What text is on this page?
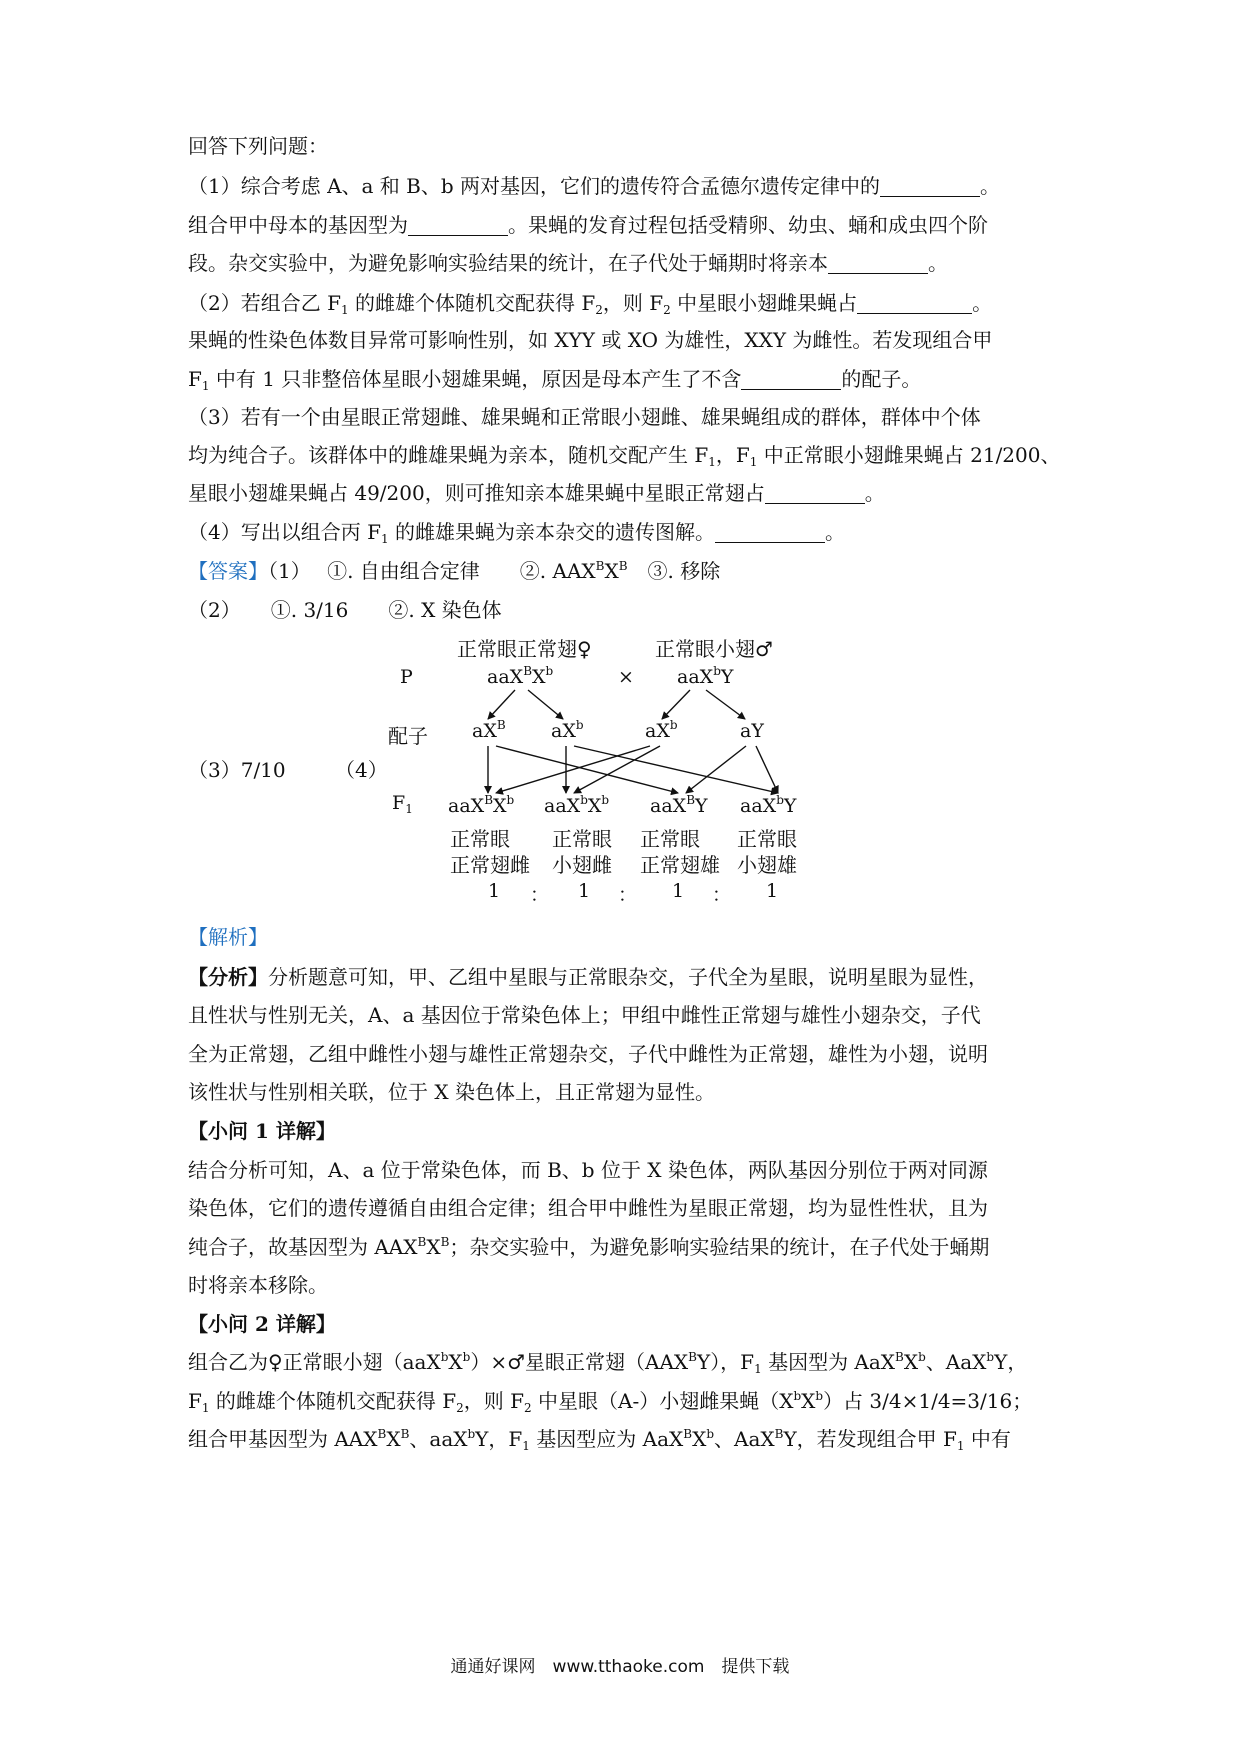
回答下列问题：
（1）综合考虑 A、a 和 B、b 两对基因，它们的遗传符合孟德尔遗传定律中的	。
组合甲中母本的基因型为	。果蝇的发育过程包括受精卵、幼虫、蛹和成虫四个阶
段。杂交实验中，为避免影响实验结果的统计，在子代处于蛹期时将亲本	。
（2）若组合乙 $F_1$ 的雌雄个体随机交配获得 $F_2$，则 $F_2$ 中星眼小翅雌果蝇占	。
果蝇的性染色体数目异常可影响性别，如 XYY 或 XO 为雄性，XXY 为雌性。若发现组合甲
$F_1$ 中有 1 只非整倍体星眼小翅雄果蝇，原因是母本产生了不含	的配子。
（3）若有一个由星眼正常翅雌、雄果蝇和正常眼小翅雌、雄果蝇组成的群体，群体中个体
均为纯合子。该群体中的雌雄果蝇为亲本，随机交配产生 $F_1$，$F_1$ 中正常眼小翅雌果蝇占 21/200、
星眼小翅雄果蝇占 49/200，则可推知亲本雄果蝇中星眼正常翅占	。
（4）写出以组合丙 $F_1$ 的雌雄果蝇为亲本杂交的遗传图解。	。
【答案】（1）　 ①. 自由组合定律　　②. $AAX^BX^B$　③. 移除
（2）　　①. 3/16　　②. X 染色体
（3）7/10 （4）
正常眼正常翅♀	正常眼小翅♂
P	$aaX^BX^b$	× aaX$^b$Y
配子 $aX^B$ $aX^b$	$aX^b$	aY
$F_1$ $aaX^BX^b$ $aaX^bX^b$ aaX$^B$Y aaX$^b$Y
正常眼 正常眼 正常眼 正常眼
正常翅雌 小翅雌 正常翅雄 小翅雄
1 ： 1 ： 1 ： 1
【解析】
【分析】分析题意可知，甲、乙组中星眼与正常眼杂交，子代全为星眼，说明星眼为显性，
且性状与性别无关，A、a 基因位于常染色体上；甲组中雌性正常翅与雄性小翅杂交，子代
全为正常翅，乙组中雌性小翅与雄性正常翅杂交，子代中雌性为正常翅，雄性为小翅，说明
该性状与性别相关联，位于 X 染色体上，且正常翅为显性。
【小问 1 详解】
结合分析可知，A、a 位于常染色体，而 B、b 位于 X 染色体，两队基因分别位于两对同源
染色体，它们的遗传遵循自由组合定律；组合甲中雌性为星眼正常翅，均为显性性状，且为
纯合子，故基因型为 $AAX^BX^B$；杂交实验中，为避免影响实验结果的统计，在子代处于蛹期
时将亲本移除。
【小问 2 详解】
组合乙为♀正常眼小翅$(aaX^bX^b)\times♂$星眼正常翅$(AAX^BY)$，$F_1$ 基因型为 $AaX^BX^b$、AaX$^b$Y，
$F_1$ 的雌雄个体随机交配获得 $F_2$，则 $F_2$ 中星眼（A-）小翅雌果蝇$(X^bX^b)$占 3/4×1/4=3/16；
组合甲基因型为 $AAX^BX^B$、aaX$^b$Y，$F_1$ 基因型应为 $AaX^BX^b$、AaX$^B$Y，若发现组合甲 $F_1$ 中有
通通好课网　www.tthaoke.com　提供下载
